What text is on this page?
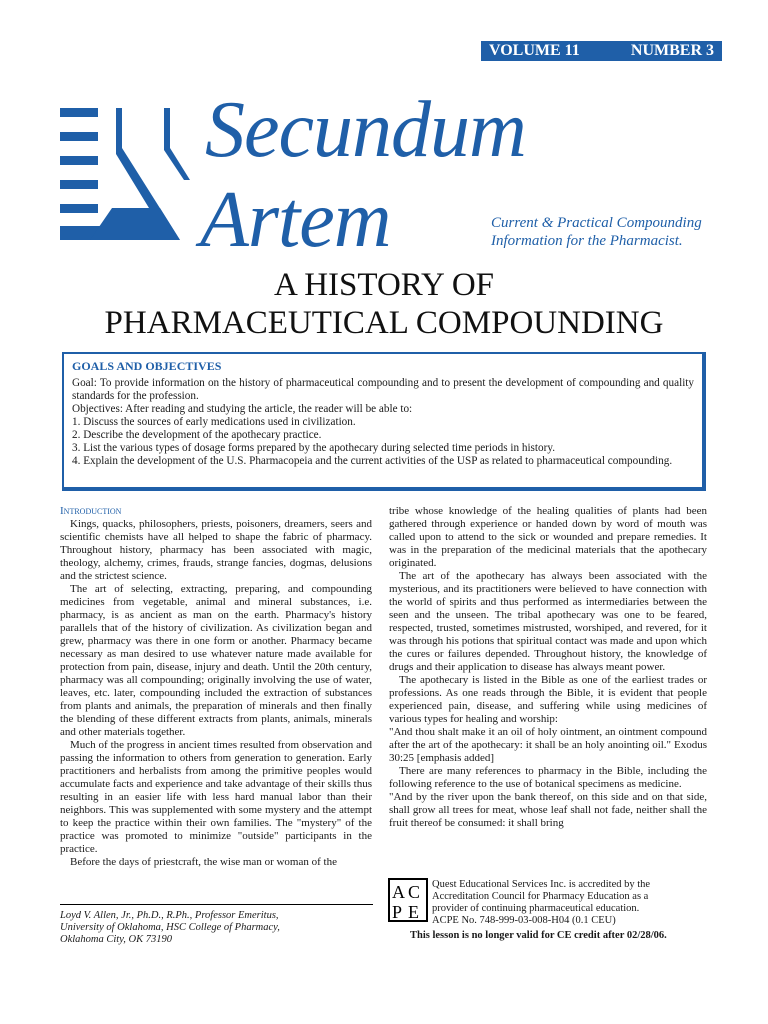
VOLUME 11	NUMBER 3
Secundum
Artem	Current & Practical Compounding Information for the Pharmacist.
A HISTORY OF
PHARMACEUTICAL COMPOUNDING
GOALS AND OBJECTIVES

Goal: To provide information on the history of pharmaceutical compounding and to present the development of compounding and quality standards for the profession.

Objectives: After reading and studying the article, the reader will be able to:

1. Discuss the sources of early medications used in civilization.

2. Describe the development of the apothecary practice.

3. List the various types of dosage forms prepared by the apothecary during selected time periods in history.

4. Explain the development of the U.S. Pharmacopeia and the current activities of the USP as related to pharmaceutical compounding.

Introduction

Kings, quacks, philosophers, priests, poisoners, dreamers, seers and scientific chemists have all helped to shape the fabric of pharmacy. Throughout history, pharmacy has been associated with magic, theology, alchemy, crimes, frauds, strange fancies, dogmas, delusions and the strictest science.

The art of selecting, extracting, preparing, and compounding medicines from vegetable, animal and mineral substances, i.e. pharmacy, is as ancient as man on the earth. Pharmacy's history parallels that of the history of civilization. As civilization began and grew, pharmacy was there in one form or another. Pharmacy became necessary as man desired to use whatever nature made available for protection from pain, disease, injury and death. Until the 20th century, pharmacy was all compounding; originally involving the use of water, leaves, etc. later, compounding included the extraction of substances from plants and animals, the preparation of minerals and then finally the blending of these different extracts from plants, animals, minerals and other materials together.

Much of the progress in ancient times resulted from observation and passing the information to others from generation to generation. Early practitioners and herbalists from among the primitive peoples would accumulate facts and experience and take advantage of their skills thus resulting in an easier life with less hard manual labor than their neighbors. This was supplemented with some mystery and the attempt to keep the practice within their own families. The "mystery" of the practice was promoted to minimize "outside" participants in the practice.

Before the days of priestcraft, the wise man or woman of the

tribe whose knowledge of the healing qualities of plants had been gathered through experience or handed down by word of mouth was called upon to attend to the sick or wounded and prepare remedies. It was in the preparation of the medicinal materials that the apothecary originated.

The art of the apothecary has always been associated with the mysterious, and its practitioners were believed to have connection with the world of spirits and thus performed as intermediaries between the seen and the unseen. The tribal apothecary was one to be feared, respected, trusted, sometimes mistrusted, worshiped, and revered, for it was through his potions that spiritual contact was made and upon which the cures or failures depended. Throughout history, the knowledge of drugs and their application to disease has always meant power.

The apothecary is listed in the Bible as one of the earliest trades or professions. As one reads through the Bible, it is evident that people experienced pain, disease, and suffering while using medicines of various types for healing and worship:

"And thou shalt make it an oil of holy ointment, an ointment compound after the art of the apothecary: it shall be an holy anointing oil." Exodus 30:25 [emphasis added]

There are many references to pharmacy in the Bible, including the following reference to the use of botanical specimens as medicine.

"And by the river upon the bank thereof, on this side and on that side, shall grow all trees for meat, whose leaf shall not fade, neither shall the fruit thereof be consumed: it shall bring

Loyd V. Allen, Jr., Ph.D., R.Ph., Professor Emeritus,
University of Oklahoma, HSC College of Pharmacy,
Oklahoma City, OK 73190
A C
P E
Quest Educational Services Inc. is accredited by the
Accreditation Council for Pharmacy Education as a
provider of continuing pharmaceutical education.
ACPE No. 748-999-03-008-H04 (0.1 CEU)
This lesson is no longer valid for CE credit after 02/28/06.
